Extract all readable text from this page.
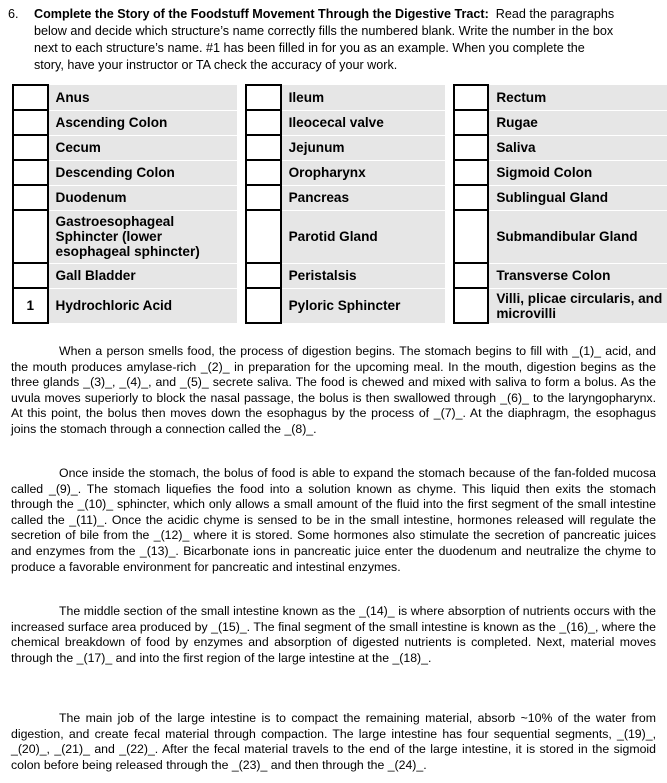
6. Complete the Story of the Foodstuff Movement Through the Digestive Tract: Read the paragraphs
below and decide which structure’s name correctly fills the numbered blank. Write the number in the box
next to each structure’s name. #1 has been filled in for you as an example. When you complete the
story, have your instructor or TA check the accuracy of your work.
	Anus			Ileum			Rectum
	Ascending Colon			Ileocecal valve			Rugae
	Cecum			Jejunum			Saliva
	Descending Colon			Oropharynx			Sigmoid Colon
	Duodenum			Pancreas			Sublingual Gland
	Gastroesophageal Sphincter (lower esophageal sphincter)			Parotid Gland			Submandibular Gland
	Gall Bladder			Peristalsis			Transverse Colon
1	Hydrochloric Acid			Pyloric Sphincter			Villi, plicae circularis, and microvilli

When a person smells food, the process of digestion begins. The stomach begins to fill with _(1)_ acid, and the mouth produces amylase-rich _(2)_ in preparation for the upcoming meal. In the mouth, digestion begins as the three glands _(3)_, _(4)_, and _(5)_ secrete saliva. The food is chewed and mixed with saliva to form a bolus. As the uvula moves superiorly to block the nasal passage, the bolus is then swallowed through _(6)_ to the laryngopharynx. At this point, the bolus then moves down the esophagus by the process of _(7)_. At the diaphragm, the esophagus joins the stomach through a connection called the _(8)_.

Once inside the stomach, the bolus of food is able to expand the stomach because of the fan-folded mucosa called _(9)_. The stomach liquefies the food into a solution known as chyme. This liquid then exits the stomach through the _(10)_ sphincter, which only allows a small amount of the fluid into the first segment of the small intestine called the _(11)_. Once the acidic chyme is sensed to be in the small intestine, hormones released will regulate the secretion of bile from the _(12)_ where it is stored. Some hormones also stimulate the secretion of pancreatic juices and enzymes from the _(13)_. Bicarbonate ions in pancreatic juice enter the duodenum and neutralize the chyme to produce a favorable environment for pancreatic and intestinal enzymes.

The middle section of the small intestine known as the _(14)_ is where absorption of nutrients occurs with the increased surface area produced by _(15)_. The final segment of the small intestine is known as the _(16)_, where the chemical breakdown of food by enzymes and absorption of digested nutrients is completed. Next, material moves through the _(17)_ and into the first region of the large intestine at the _(18)_.

The main job of the large intestine is to compact the remaining material, absorb ~10% of the water from digestion, and create fecal material through compaction. The large intestine has four sequential segments, _(19)_, _(20)_, _(21)_ and _(22)_. After the fecal material travels to the end of the large intestine, it is stored in the sigmoid colon before being released through the _(23)_ and then through the _(24)_.
